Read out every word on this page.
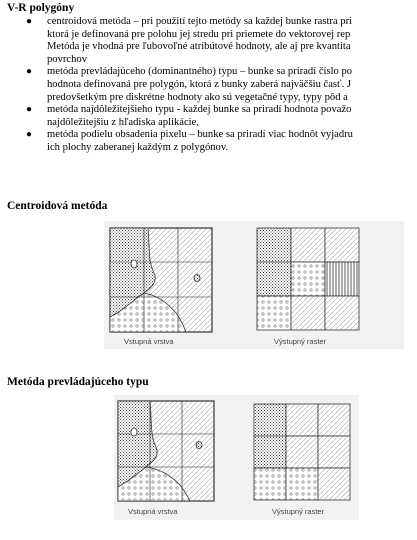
V-R polygóny
● centroidová metóda – pri použití tejto metódy sa každej bunke rastra pri
ktorá je definovaná pre polohu jej stredu pri priemete do vektorovej rep
Metóda je vhodná pre ľubovoľné atribútové hodnoty, ale aj pre kvantita
povrchov
● metóda prevládajúceho (dominantného) typu – bunke sa priradí číslo po
hodnota definovaná pre polygón, ktorá z bunky zaberá najväčšiu časť. J
predovšetkým pre diskrétne hodnoty ako sú vegetačné typy, typy pôd a
● metóda najdôležitejšieho typu - každej bunke sa priradí hodnota považo
najdôležitejšiu z hľadiska aplikácie,
● metóda podielu obsadenia pixelu – bunke sa priradí viac hodnôt vyjadru
ich plochy zaberanej každým z polygónov.
Centroidová metóda
Vstupná vrstva	Výstupný raster
Metóda prevládajúceho typu
Vstupná vrstva	Výstupný raster
